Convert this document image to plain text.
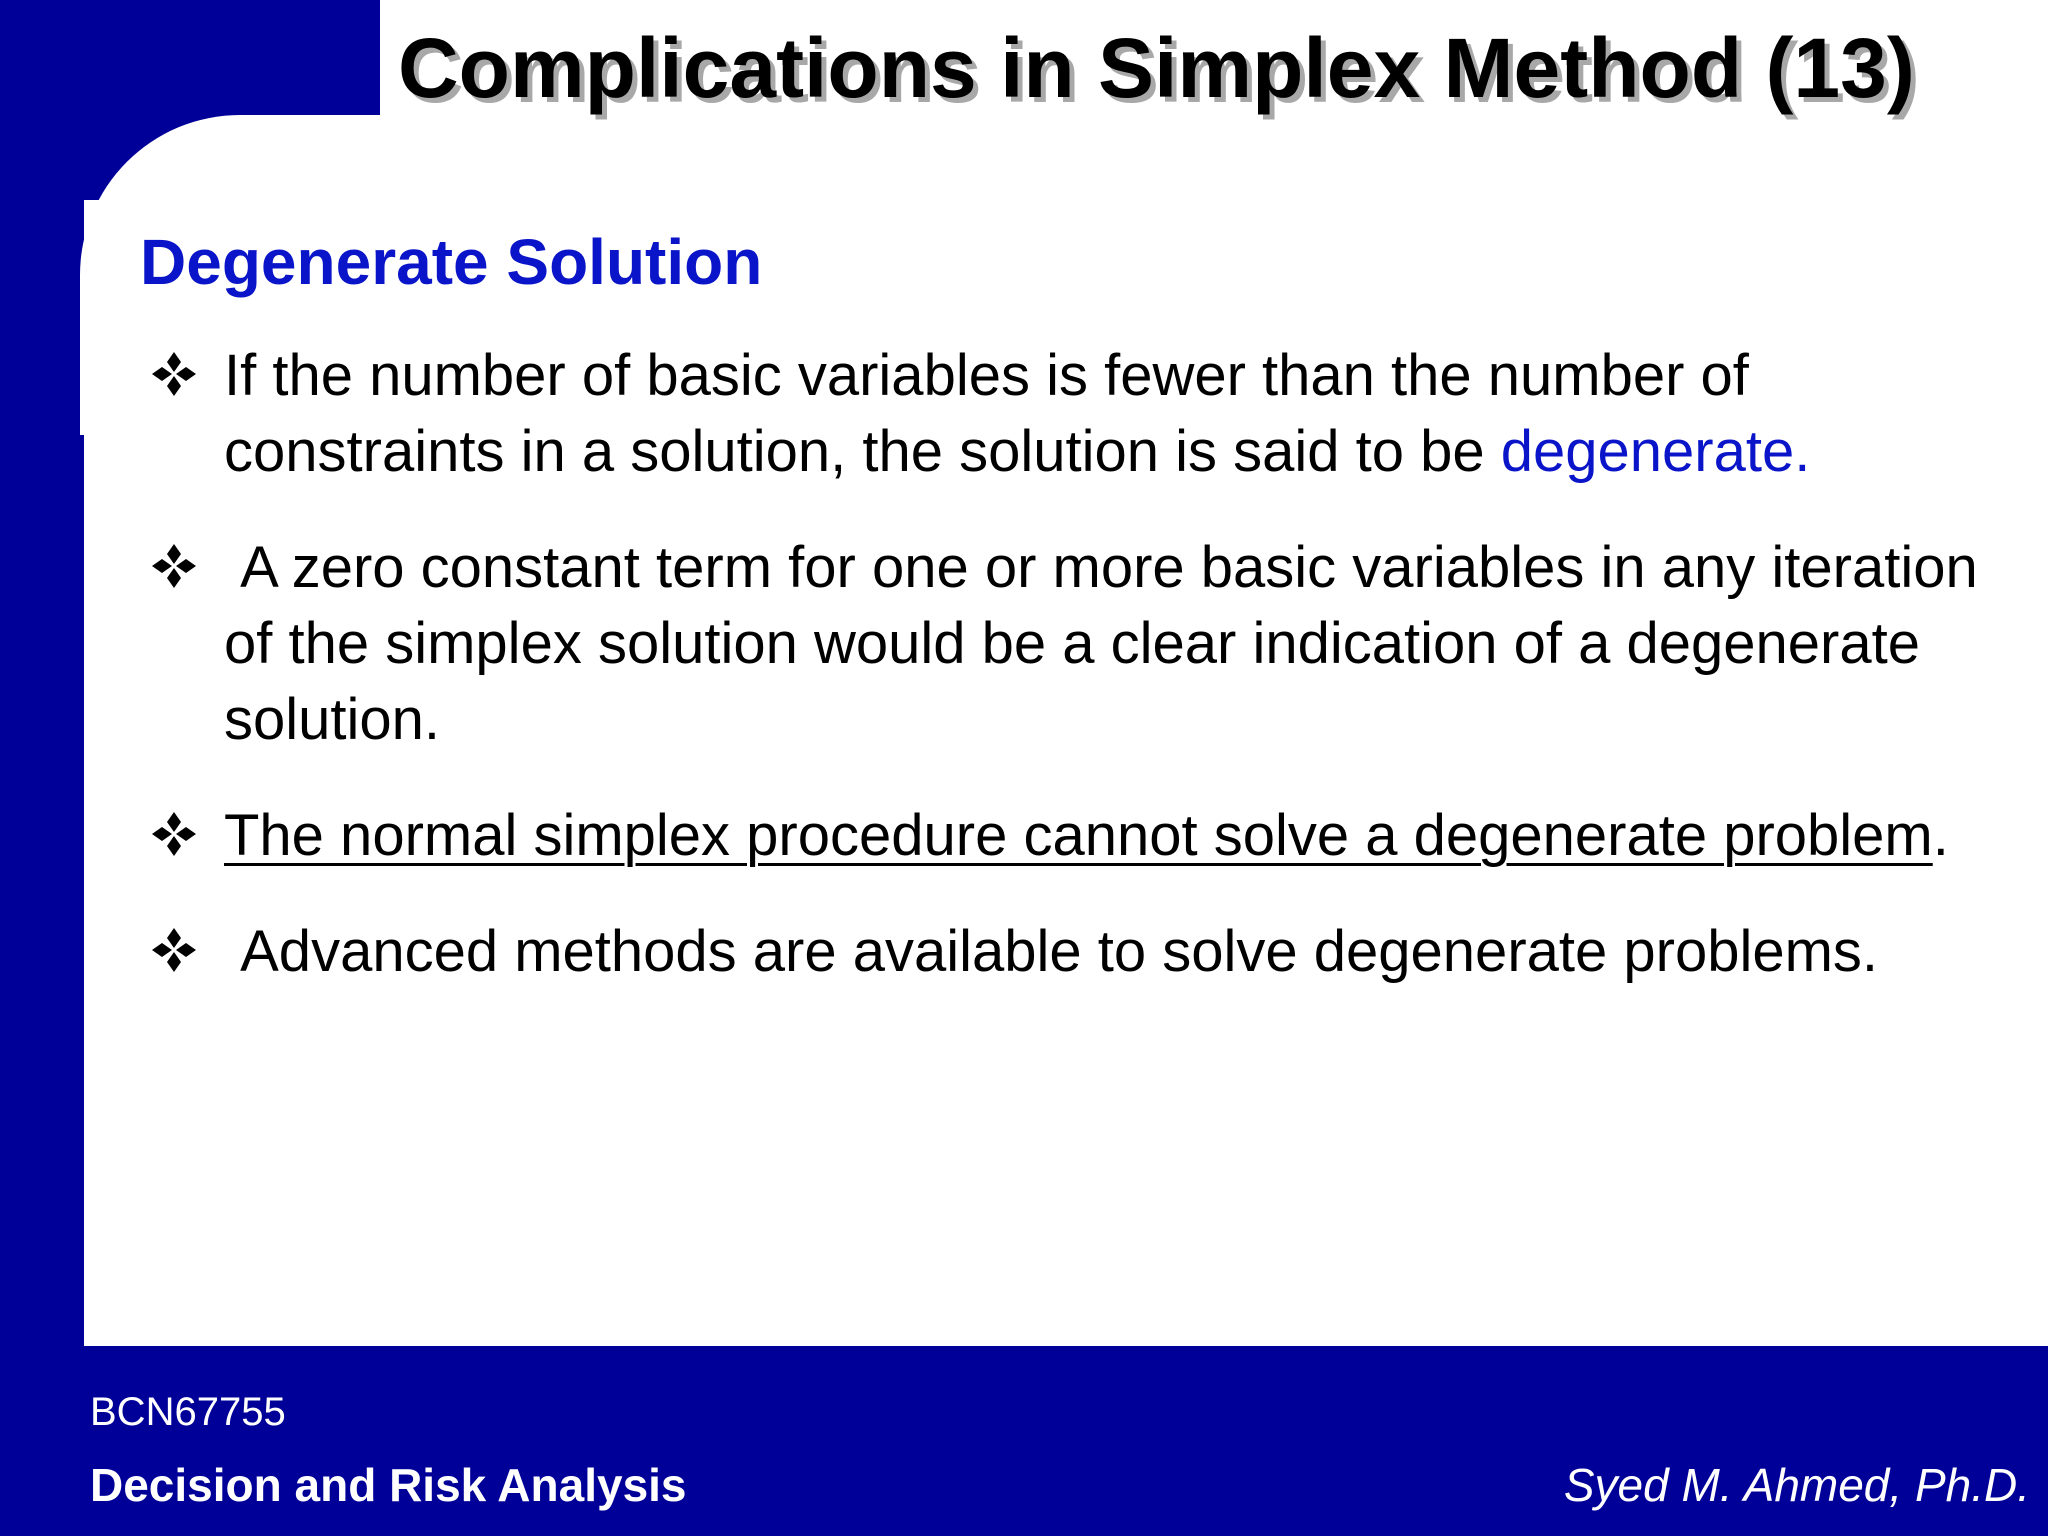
Complications in Simplex Method (13)
Degenerate Solution
If the number of basic variables is fewer than the number of constraints in a solution, the solution is said to be degenerate.
A zero constant term for one or more basic variables in any iteration of the simplex solution would be a clear indication of a degenerate solution.
The normal simplex procedure cannot solve a degenerate problem.
Advanced methods are available to solve degenerate problems.
BCN67755
Decision and Risk Analysis	Syed M. Ahmed, Ph.D.
